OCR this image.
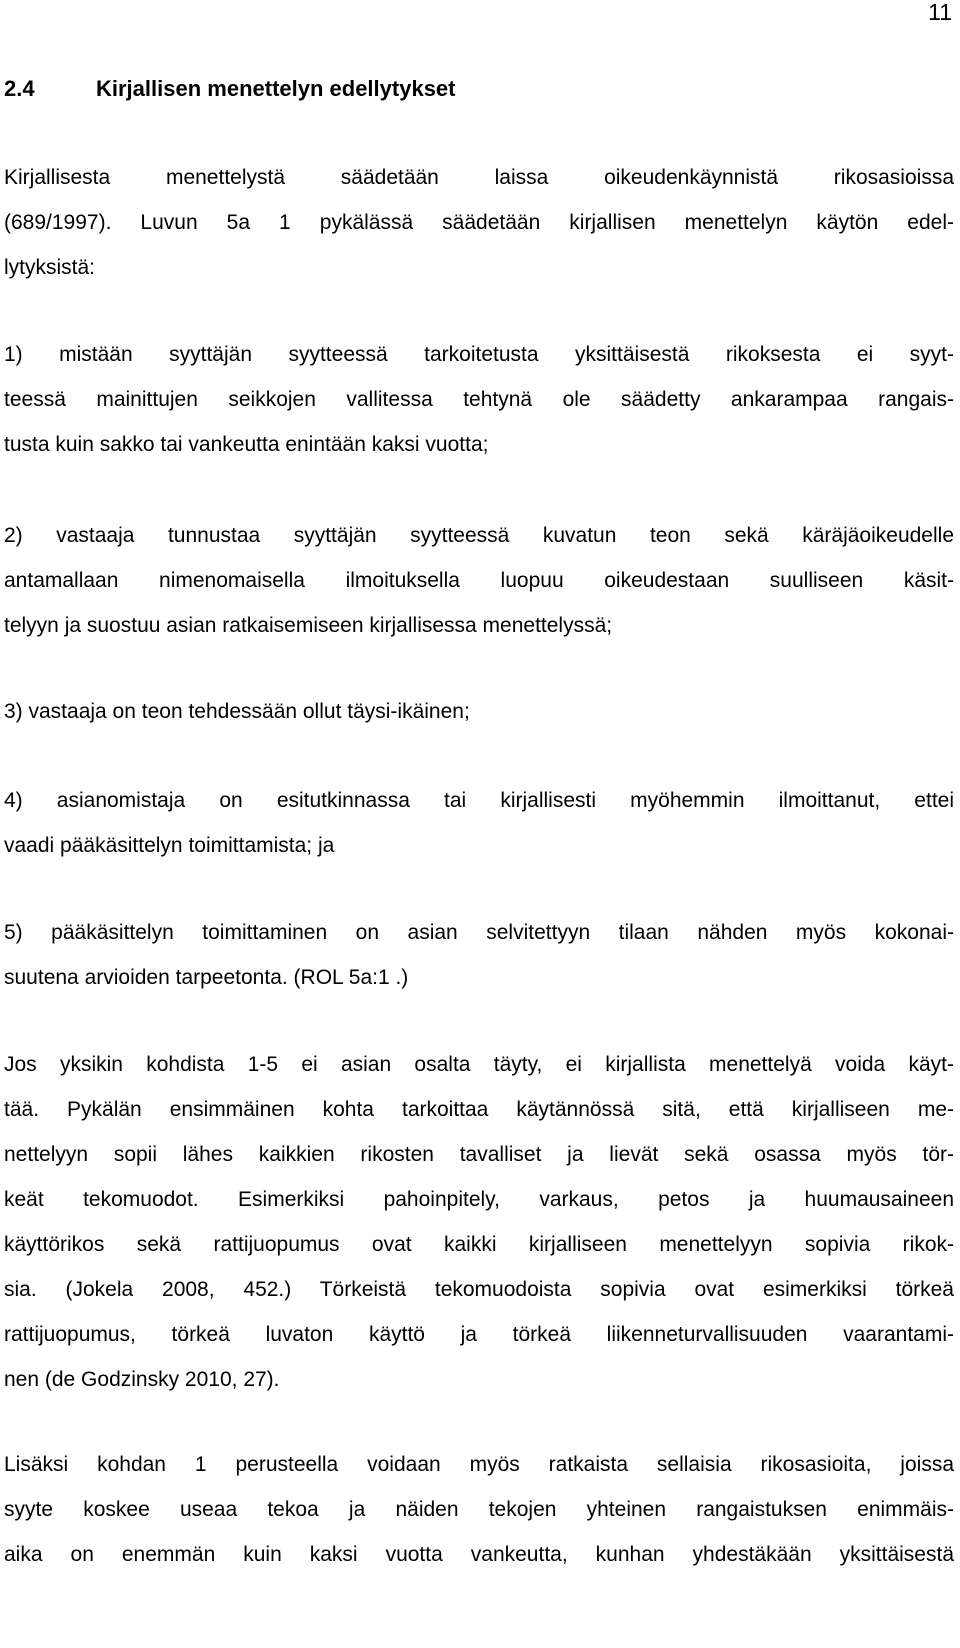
11
2.4	Kirjallisen menettelyn edellytykset

Kirjallisesta menettelystä säädetään laissa oikeudenkäynnistä rikosasioissa
(689/1997). Luvun 5a 1 pykälässä säädetään kirjallisen menettelyn käytön edel-
lytyksistä:

1) mistään syyttäjän syytteessä tarkoitetusta yksittäisestä rikoksesta ei syyt-
teessä mainittujen seikkojen vallitessa tehtynä ole säädetty ankarampaa rangais-
tusta kuin sakko tai vankeutta enintään kaksi vuotta;

2) vastaaja tunnustaa syyttäjän syytteessä kuvatun teon sekä käräjäoikeudelle
antamallaan nimenomaisella ilmoituksella luopuu oikeudestaan suulliseen käsit-
telyyn ja suostuu asian ratkaisemiseen kirjallisessa menettelyssä;

3) vastaaja on teon tehdessään ollut täysi-ikäinen;

4) asianomistaja on esitutkinnassa tai kirjallisesti myöhemmin ilmoittanut, ettei
vaadi pääkäsittelyn toimittamista; ja

5) pääkäsittelyn toimittaminen on asian selvitettyyn tilaan nähden myös kokonai-
suutena arvioiden tarpeetonta. (ROL 5a:1 .)

Jos yksikin kohdista 1-5 ei asian osalta täyty, ei kirjallista menettelyä voida käyt-
tää. Pykälän ensimmäinen kohta tarkoittaa käytännössä sitä, että kirjalliseen me-
nettelyyn sopii lähes kaikkien rikosten tavalliset ja lievät sekä osassa myös tör-
keät tekomuodot. Esimerkiksi pahoinpitely, varkaus, petos ja huumausaineen
käyttörikos sekä rattijuopumus ovat kaikki kirjalliseen menettelyyn sopivia rikok-
sia. (Jokela 2008, 452.) Törkeistä tekomuodoista sopivia ovat esimerkiksi törkeä
rattijuopumus, törkeä luvaton käyttö ja törkeä liikenneturvallisuuden vaarantami-
nen (de Godzinsky 2010, 27).

Lisäksi kohdan 1 perusteella voidaan myös ratkaista sellaisia rikosasioita, joissa
syyte koskee useaa tekoa ja näiden tekojen yhteinen rangaistuksen enimmäis-
aika on enemmän kuin kaksi vuotta vankeutta, kunhan yhdestäkään yksittäisestä
